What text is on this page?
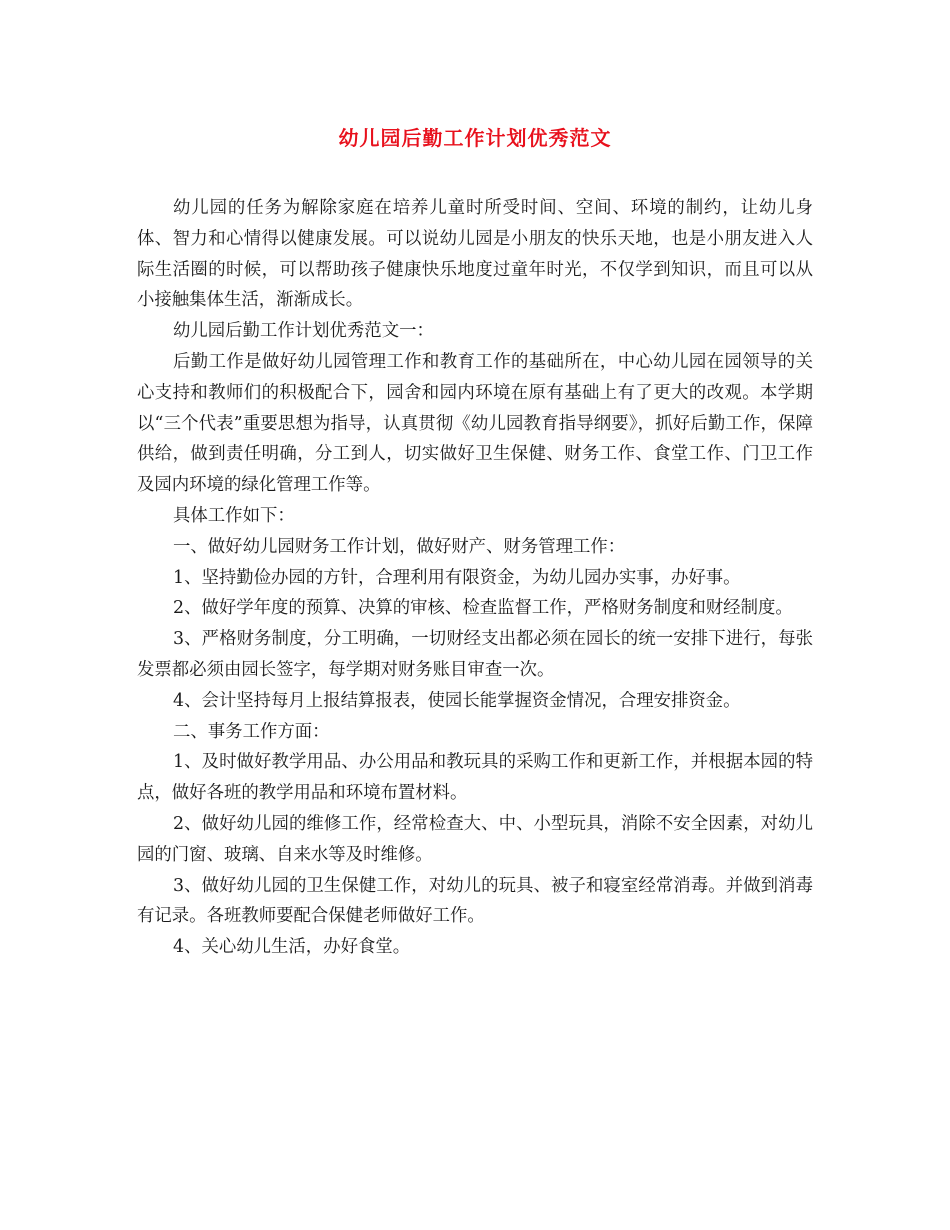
幼儿园后勤工作计划优秀范文

幼儿园的任务为解除家庭在培养儿童时所受时间、空间、环境的制约，让幼儿身体、智力和心情得以健康发展。可以说幼儿园是小朋友的快乐天地，也是小朋友进入人际生活圈的时候，可以帮助孩子健康快乐地度过童年时光，不仅学到知识，而且可以从小接触集体生活，渐渐成长。

幼儿园后勤工作计划优秀范文一：

后勤工作是做好幼儿园管理工作和教育工作的基础所在，中心幼儿园在园领导的关心支持和教师们的积极配合下，园舍和园内环境在原有基础上有了更大的改观。本学期以“三个代表”重要思想为指导，认真贯彻《幼儿园教育指导纲要》，抓好后勤工作，保障供给，做到责任明确，分工到人，切实做好卫生保健、财务工作、食堂工作、门卫工作及园内环境的绿化管理工作等。

具体工作如下：

一、做好幼儿园财务工作计划，做好财产、财务管理工作：

1、坚持勤俭办园的方针，合理利用有限资金，为幼儿园办实事，办好事。

2、做好学年度的预算、决算的审核、检查监督工作，严格财务制度和财经制度。

3、严格财务制度，分工明确，一切财经支出都必须在园长的统一安排下进行，每张发票都必须由园长签字，每学期对财务账目审查一次。

4、会计坚持每月上报结算报表，使园长能掌握资金情况，合理安排资金。

二、事务工作方面：

1、及时做好教学用品、办公用品和教玩具的采购工作和更新工作，并根据本园的特点，做好各班的教学用品和环境布置材料。

2、做好幼儿园的维修工作，经常检查大、中、小型玩具，消除不安全因素，对幼儿园的门窗、玻璃、自来水等及时维修。

3、做好幼儿园的卫生保健工作，对幼儿的玩具、被子和寝室经常消毒。并做到消毒有记录。各班教师要配合保健老师做好工作。

4、关心幼儿生活，办好食堂。
